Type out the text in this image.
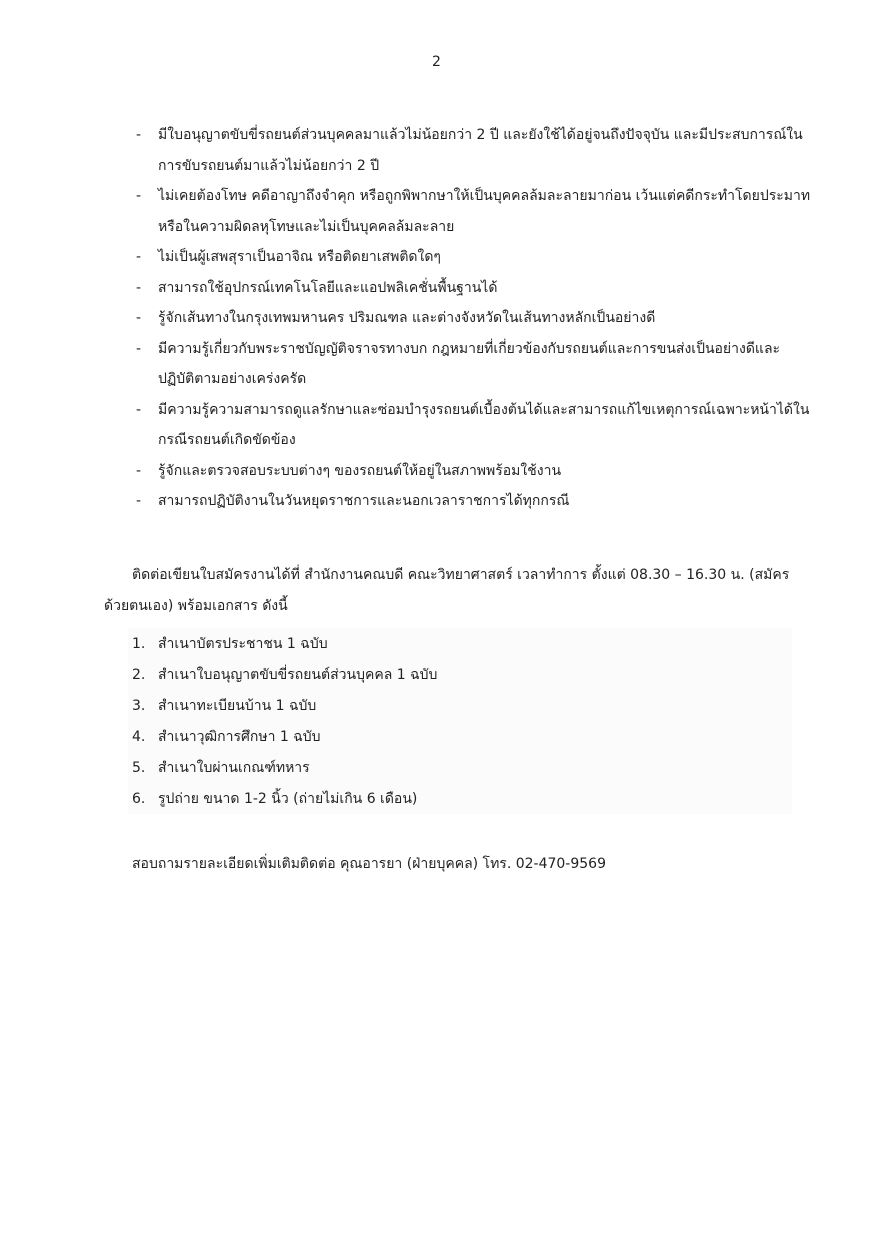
2
- มีใบอนุญาตขับขี่รถยนต์ส่วนบุคคลมาแล้วไม่น้อยกว่า 2 ปี และยังใช้ได้อยู่จนถึงปัจจุบัน และมีประสบการณ์ในการขับรถยนต์มาแล้วไม่น้อยกว่า 2 ปี
- ไม่เคยต้องโทษ คดีอาญาถึงจำคุก หรือถูกพิพากษาให้เป็นบุคคลล้มละลายมาก่อน เว้นแต่คดีกระทำโดยประมาทหรือในความผิดลหุโทษและไม่เป็นบุคคลล้มละลาย
- ไม่เป็นผู้เสพสุราเป็นอาจิณ หรือติดยาเสพติดใดๆ
- สามารถใช้อุปกรณ์เทคโนโลยีและแอปพลิเคชั่นพื้นฐานได้
- รู้จักเส้นทางในกรุงเทพมหานคร ปริมณฑล และต่างจังหวัดในเส้นทางหลักเป็นอย่างดี
- มีความรู้เกี่ยวกับพระราชบัญญัติจราจรทางบก กฎหมายที่เกี่ยวข้องกับรถยนต์และการขนส่งเป็นอย่างดีและปฏิบัติตามอย่างเคร่งครัด
- มีความรู้ความสามารถดูแลรักษาและซ่อมบำรุงรถยนต์เบื้องต้นได้และสามารถแก้ไขเหตุการณ์เฉพาะหน้าได้ในกรณีรถยนต์เกิดขัดข้อง
- รู้จักและตรวจสอบระบบต่างๆ ของรถยนต์ให้อยู่ในสภาพพร้อมใช้งาน
- สามารถปฏิบัติงานในวันหยุดราชการและนอกเวลาราชการได้ทุกกรณี

ติดต่อเขียนใบสมัครงานได้ที่ สำนักงานคณบดี คณะวิทยาศาสตร์ เวลาทำการ ตั้งแต่ 08.30 – 16.30 น. (สมัครด้วยตนเอง) พร้อมเอกสาร ดังนี้

1. สำเนาบัตรประชาชน 1 ฉบับ
2. สำเนาใบอนุญาตขับขี่รถยนต์ส่วนบุคคล 1 ฉบับ
3. สำเนาทะเบียนบ้าน 1 ฉบับ
4. สำเนาวุฒิการศึกษา 1 ฉบับ
5. สำเนาใบผ่านเกณฑ์ทหาร
6. รูปถ่าย ขนาด 1-2 นิ้ว (ถ่ายไม่เกิน 6 เดือน)

สอบถามรายละเอียดเพิ่มเติมติดต่อ คุณอารยา (ฝ่ายบุคคล) โทร. 02-470-9569
